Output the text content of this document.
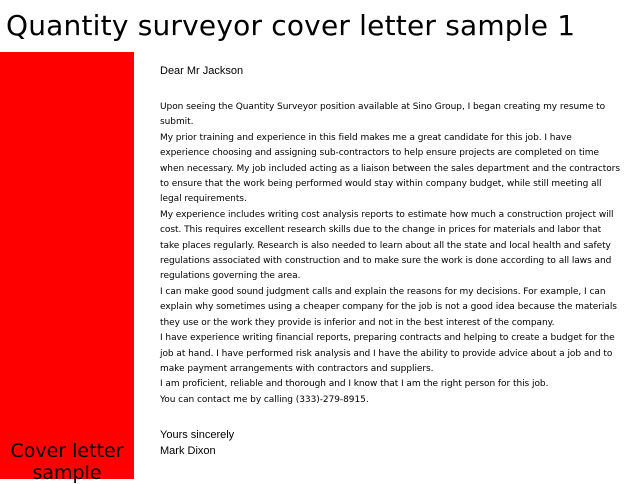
Quantity surveyor cover letter sample 1
Cover letter sample

Dear Mr Jackson

Upon seeing the Quantity Surveyor position available at Sino Group, I began creating my resume to submit.

My prior training and experience in this field makes me a great candidate for this job. I have experience choosing and assigning sub-contractors to help ensure projects are completed on time when necessary. My job included acting as a liaison between the sales department and the contractors to ensure that the work being performed would stay within company budget, while still meeting all legal requirements.

My experience includes writing cost analysis reports to estimate how much a construction project will cost. This requires excellent research skills due to the change in prices for materials and labor that take places regularly. Research is also needed to learn about all the state and local health and safety regulations associated with construction and to make sure the work is done according to all laws and regulations governing the area.

I can make good sound judgment calls and explain the reasons for my decisions. For example, I can explain why sometimes using a cheaper company for the job is not a good idea because the materials they use or the work they provide is inferior and not in the best interest of the company.

I have experience writing financial reports, preparing contracts and helping to create a budget for the job at hand. I have performed risk analysis and I have the ability to provide advice about a job and to make payment arrangements with contractors and suppliers.

I am proficient, reliable and thorough and I know that I am the right person for this job.

You can contact me by calling (333)-279-8915.

Yours sincerely

Mark Dixon
